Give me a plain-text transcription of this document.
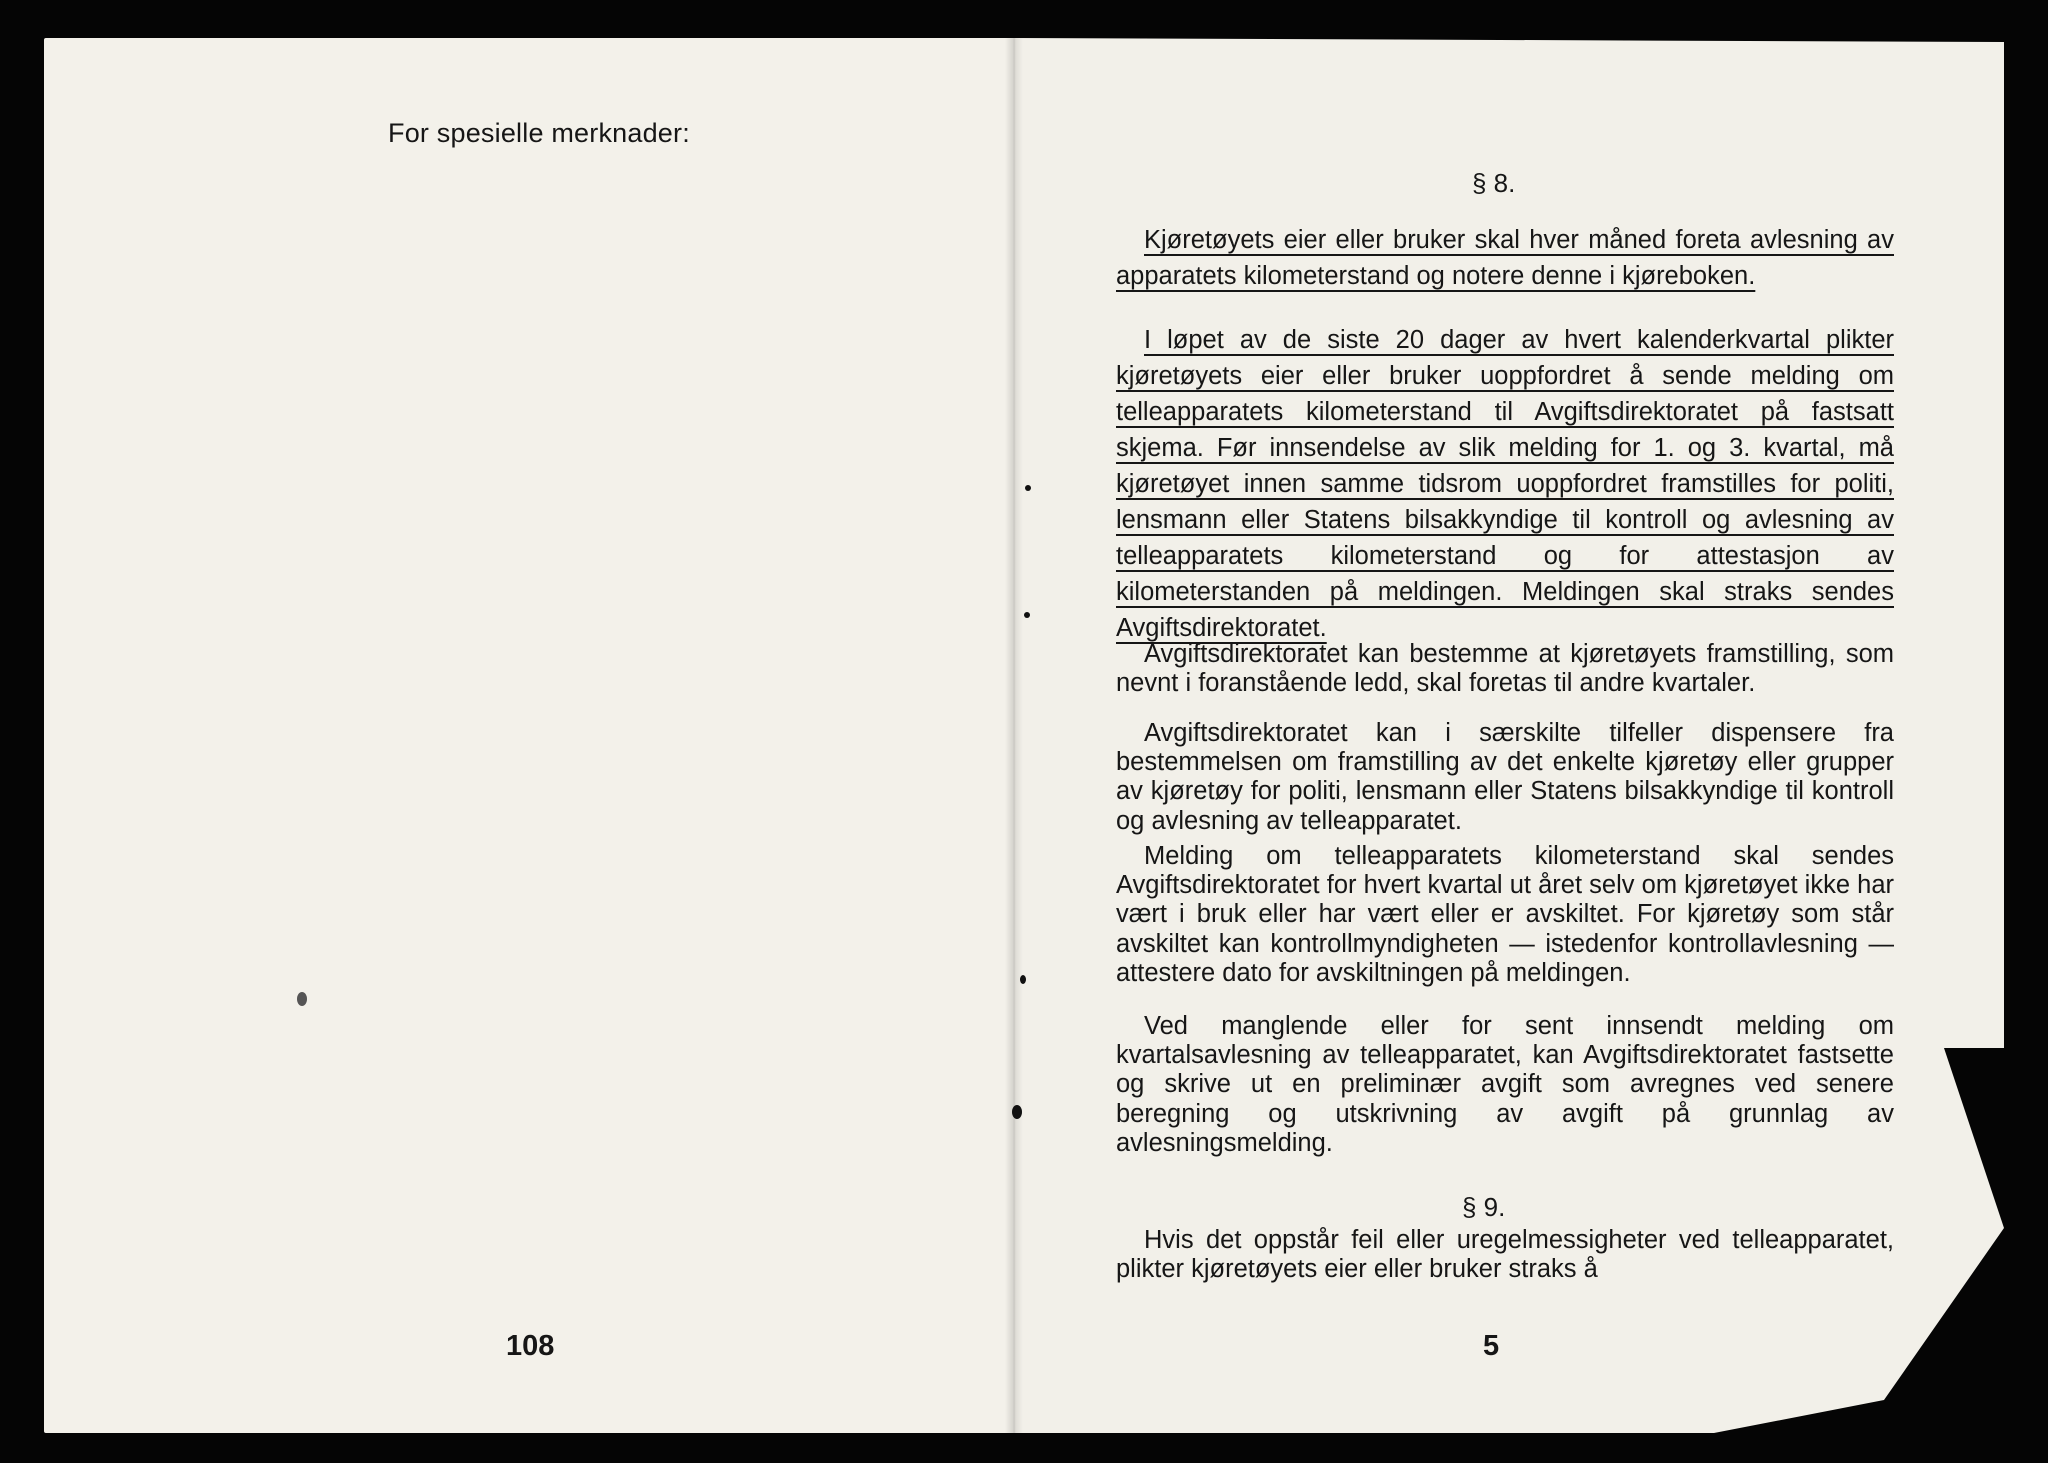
For spesielle merknader:
§ 8.

Kjøretøyets eier eller bruker skal hver måned foreta avlesning av apparatets kilometerstand og notere denne i kjøreboken.

I løpet av de siste 20 dager av hvert kalenderkvartal plikter kjøretøyets eier eller bruker uoppfordret å sende melding om telleapparatets kilometerstand til Avgiftsdirektoratet på fastsatt skjema. Før innsendelse av slik melding for 1. og 3. kvartal, må kjøretøyet innen samme tidsrom uoppfordret framstilles for politi, lensmann eller Statens bilsakkyndige til kontroll og avlesning av telleapparatets kilometerstand og for attestasjon av kilometerstanden på meldingen. Meldingen skal straks sendes Avgiftsdirektoratet.

Avgiftsdirektoratet kan bestemme at kjøretøyets framstilling, som nevnt i foranstående ledd, skal foretas til andre kvartaler.

Avgiftsdirektoratet kan i særskilte tilfeller dispensere fra bestemmelsen om framstilling av det enkelte kjøretøy eller grupper av kjøretøy for politi, lensmann eller Statens bilsakkyndige til kontroll og avlesning av telleapparatet.

Melding om telleapparatets kilometerstand skal sendes Avgiftsdirektoratet for hvert kvartal ut året selv om kjøretøyet ikke har vært i bruk eller har vært eller er avskiltet. For kjøretøy som står avskiltet kan kontrollmyndigheten — istedenfor kontrollavlesning — attestere dato for avskiltningen på meldingen.

Ved manglende eller for sent innsendt melding om kvartalsavlesning av telleapparatet, kan Avgiftsdirektoratet fastsette og skrive ut en preliminær avgift som avregnes ved senere beregning og utskrivning av avgift på grunnlag av avlesningsmelding.

§ 9.

Hvis det oppstår feil eller uregelmessigheter ved telleapparatet, plikter kjøretøyets eier eller bruker straks å

108	5
